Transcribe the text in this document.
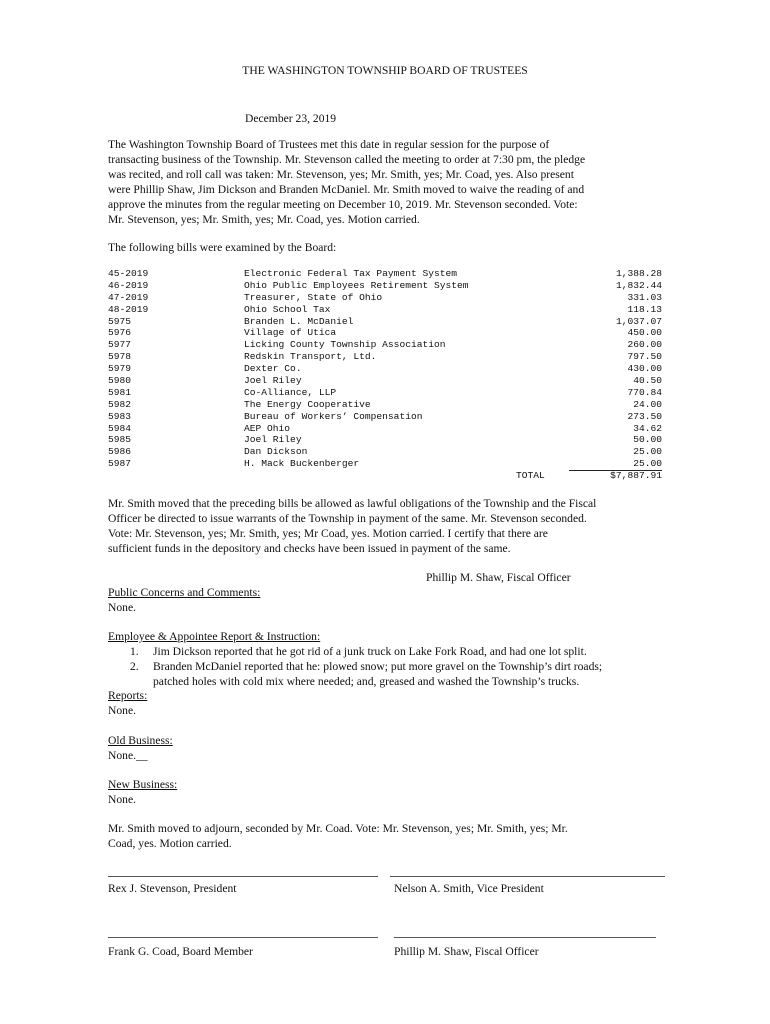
THE WASHINGTON TOWNSHIP BOARD OF TRUSTEES
December 23, 2019
The Washington Township Board of Trustees met this date in regular session for the purpose of
transacting business of the Township. Mr. Stevenson called the meeting to order at 7:30 pm, the pledge
was recited, and roll call was taken: Mr. Stevenson, yes; Mr. Smith, yes; Mr. Coad, yes. Also present
were Phillip Shaw, Jim Dickson and Branden McDaniel. Mr. Smith moved to waive the reading of and
approve the minutes from the regular meeting on December 10, 2019. Mr. Stevenson seconded. Vote:
Mr. Stevenson, yes; Mr. Smith, yes; Mr. Coad, yes. Motion carried.
The following bills were examined by the Board:
45-2019	Electronic Federal Tax Payment System	1,388.28
46-2019	Ohio Public Employees Retirement System	1,832.44
47-2019	Treasurer, State of Ohio	331.03
48-2019	Ohio School Tax	118.13
5975	Branden L. McDaniel	1,037.07
5976	Village of Utica	450.00
5977	Licking County Township Association	260.00
5978	Redskin Transport, Ltd.	797.50
5979	Dexter Co.	430.00
5980	Joel Riley	40.50
5981	Co-Alliance, LLP	770.84
5982	The Energy Cooperative	24.00
5983	Bureau of Workers’ Compensation	273.50
5984	AEP Ohio	34.62
5985	Joel Riley	50.00
5986	Dan Dickson	25.00
5987	H. Mack Buckenberger	25.00
TOTAL	$7,887.91
Mr. Smith moved that the preceding bills be allowed as lawful obligations of the Township and the Fiscal
Officer be directed to issue warrants of the Township in payment of the same. Mr. Stevenson seconded.
Vote: Mr. Stevenson, yes; Mr. Smith, yes; Mr Coad, yes. Motion carried. I certify that there are
sufficient funds in the depository and checks have been issued in payment of the same.
Phillip M. Shaw, Fiscal Officer
Public Concerns and Comments:
None.
Employee & Appointee Report & Instruction:
1. Jim Dickson reported that he got rid of a junk truck on Lake Fork Road, and had one lot split.
2. Branden McDaniel reported that he: plowed snow; put more gravel on the Township’s dirt roads;
patched holes with cold mix where needed; and, greased and washed the Township’s trucks.
Reports:
None.
Old Business:
None.__
New Business:
None.
Mr. Smith moved to adjourn, seconded by Mr. Coad. Vote: Mr. Stevenson, yes; Mr. Smith, yes; Mr.
Coad, yes. Motion carried.
Rex J. Stevenson, President	Nelson A. Smith, Vice President
Frank G. Coad, Board Member	Phillip M. Shaw, Fiscal Officer
